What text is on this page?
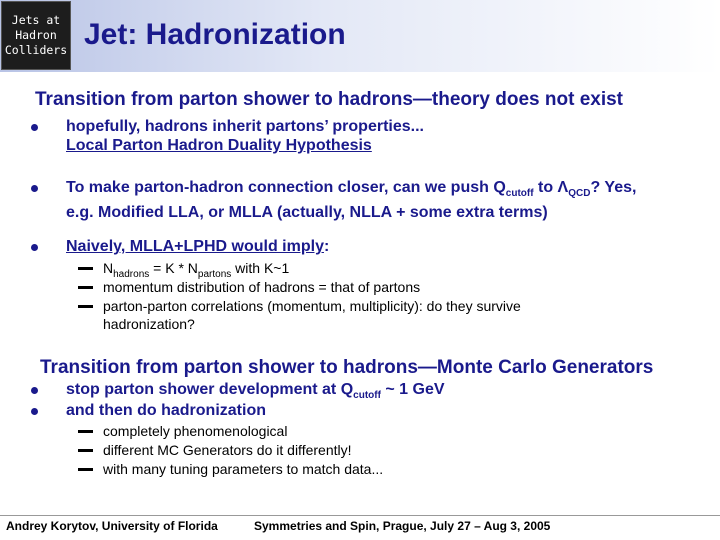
Jets at
Hadron
Colliders Jet: Hadronization
Transition from parton shower to hadrons—theory does not exist
hopefully, hadrons inherit partons’ properties...
Local Parton Hadron Duality Hypothesis
To make parton-hadron connection closer, can we push $Q_{cutoff}$ to $\Lambda_{QCD}$? Yes,
e.g. Modified LLA, or MLLA (actually, NLLA + some extra terms)
Naively, MLLA+LPHD would imply:
$N_{hadrons} = K * N_{partons}$ with K~1
momentum distribution of hadrons = that of partons
parton-parton correlations (momentum, multiplicity): do they survive
hadronization?
Transition from parton shower to hadrons—Monte Carlo Generators
stop parton shower development at $Q_{cutoff}$ ~ 1 GeV
and then do hadronization
completely phenomenological
different MC Generators do it differently!
with many tuning parameters to match data...
Andrey Korytov, University of Florida	Symmetries and Spin, Prague, July 27 – Aug 3, 2005
